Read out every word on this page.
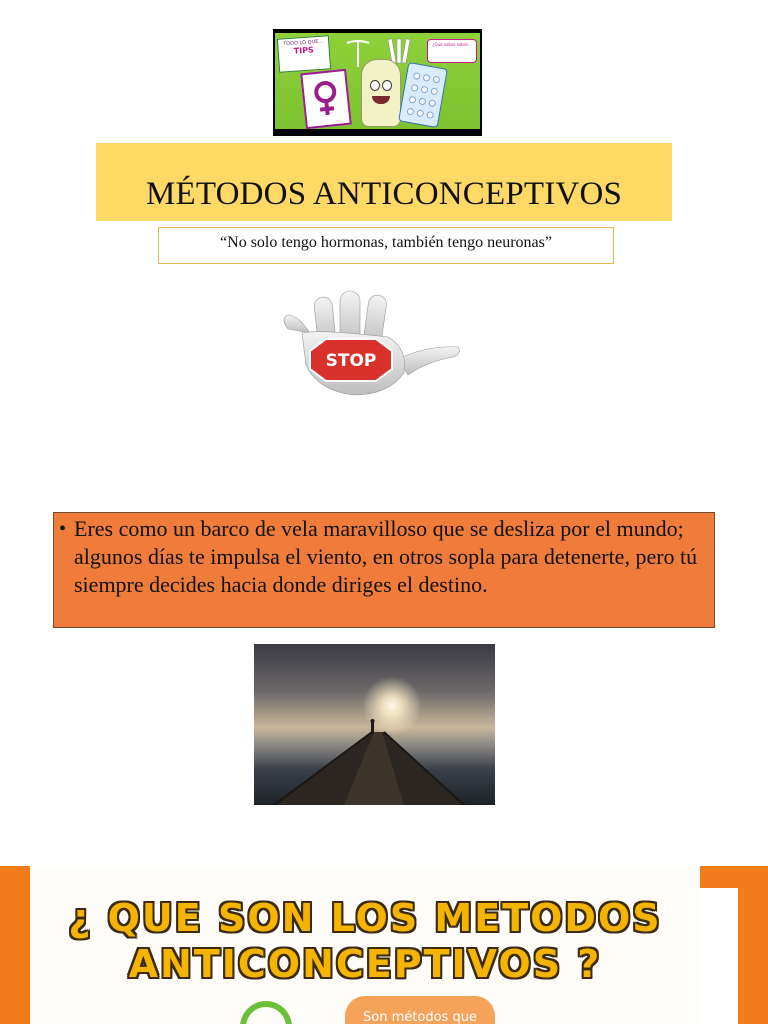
TODO LO QUE...
TIPS
¿Qué sabes sobre...
MÉTODOS ANTICONCEPTIVOS
“No solo tengo hormonas, también tengo neuronas”
STOP
• Eres como un barco de vela maravilloso que se desliza por el mundo; algunos días te impulsa el viento, en otros sopla para detenerte, pero tú siempre decides hacia donde diriges el destino.
¿ QUE SON LOS METODOS
ANTICONCEPTIVOS ?
Son métodos que
